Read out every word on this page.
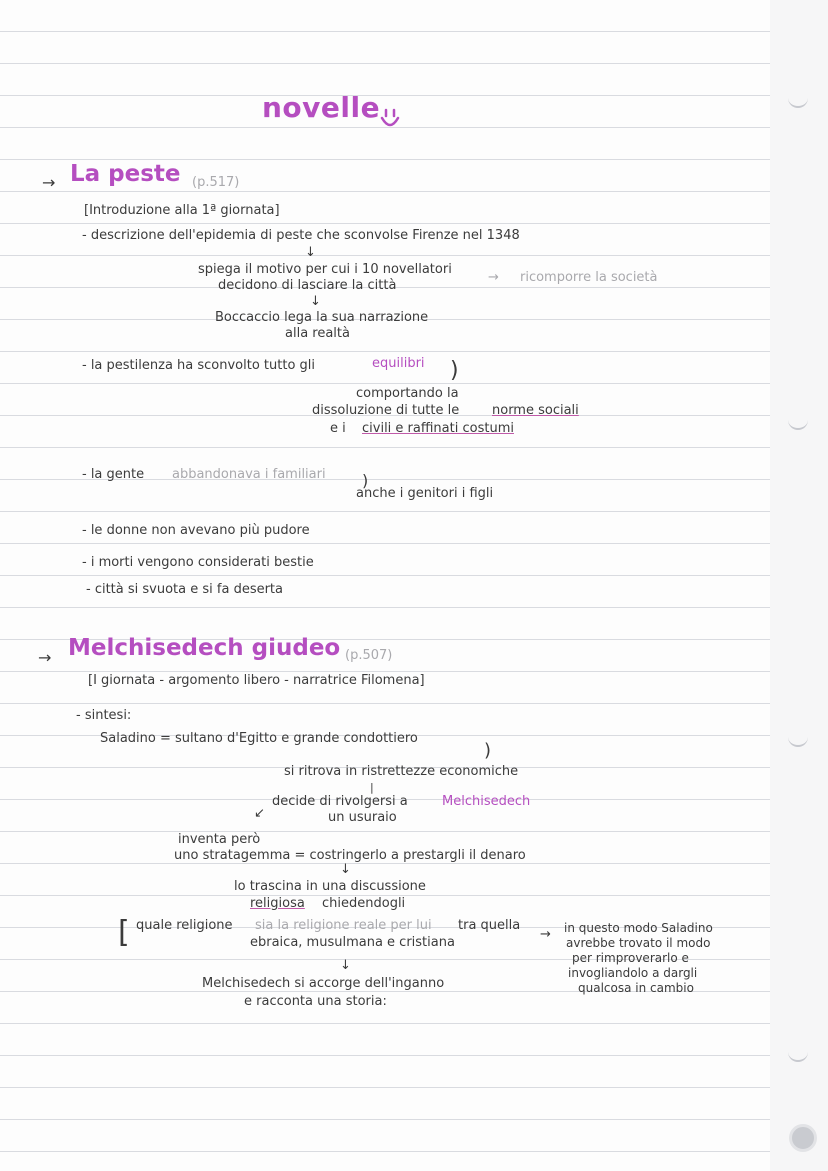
novelle
→ La peste (p.517)
[Introduzione alla 1ª giornata]
- descrizione dell'epidemia di peste che sconvolse Firenze nel 1348
↓
spiega il motivo per cui i 10 novellatori
decidono di lasciare la città
→ ricomporre la società
↓
Boccaccio lega la sua narrazione
alla realtà
- la pestilenza ha sconvolto tutto gli	equilibri )
comportando la
dissoluzione di tutte le	norme sociali
e i civili e raffinati costumi
- la gente abbandonava i familiari )
anche i genitori i figli
- le donne non avevano più pudore
- i morti vengono considerati bestie
- città si svuota e si fa deserta
→ Melchisedech giudeo (p.507)
[I giornata - argomento libero - narratrice Filomena]
- sintesi:
Saladino = sultano d'Egitto e grande condottiero
)
si ritrova in ristrettezze economiche
|
decide di rivolgersi a	Melchisedech
↙	un usuraio
inventa però
uno stratagemma = costringerlo a prestargli il denaro
↓
lo trascina in una discussione
religiosa chiedendogli
[ quale religione sia la religione reale per lui tra quella
ebraica, musulmana e cristiana
→ in questo modo Saladino
avrebbe trovato il modo
per rimproverarlo e
invogliandolo a dargli
qualcosa in cambio
↓
Melchisedech si accorge dell'inganno
e racconta una storia:
